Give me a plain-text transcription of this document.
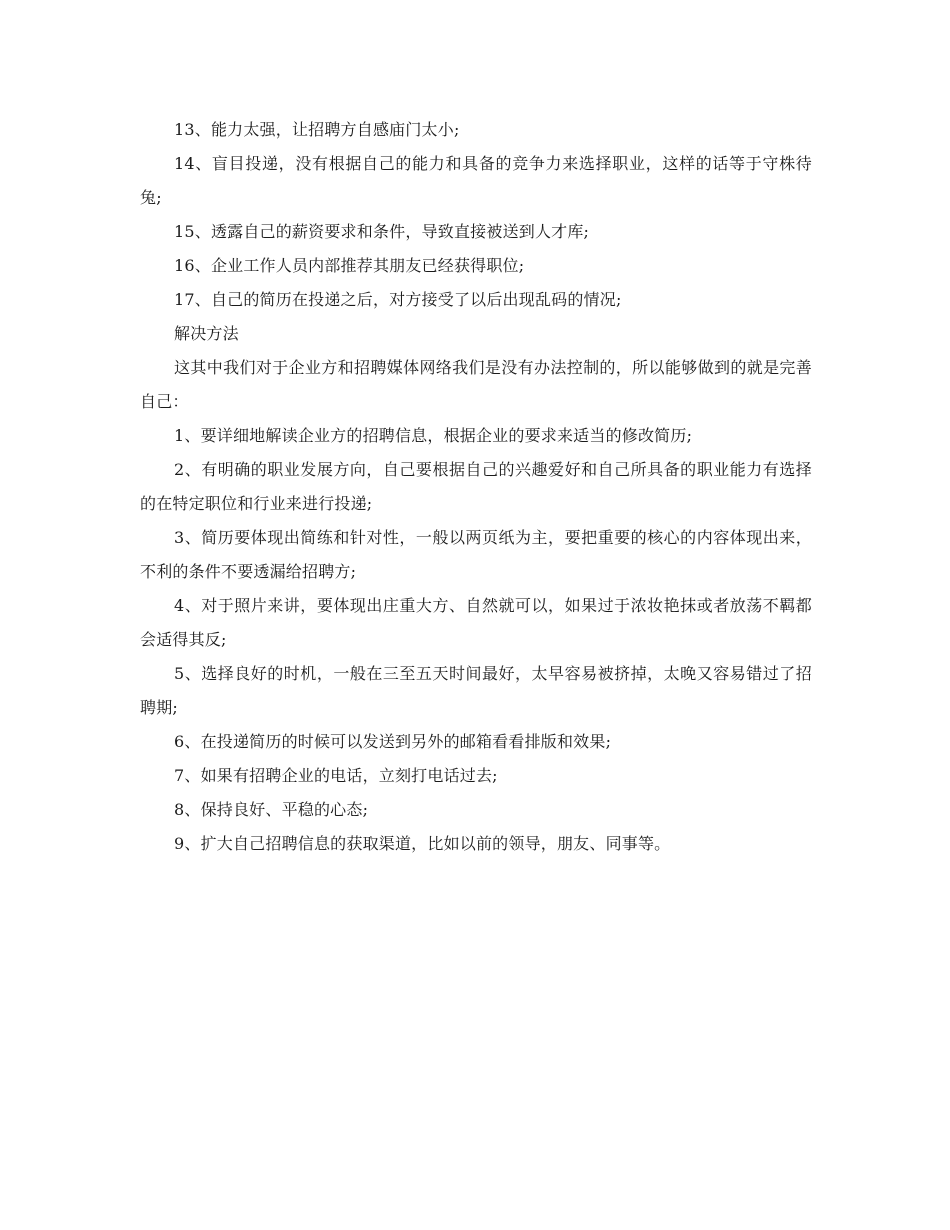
13、能力太强，让招聘方自感庙门太小;

14、盲目投递，没有根据自己的能力和具备的竞争力来选择职业，这样的话等于守株待兔;

15、透露自己的薪资要求和条件，导致直接被送到人才库;

16、企业工作人员内部推荐其朋友已经获得职位;

17、自己的简历在投递之后，对方接受了以后出现乱码的情况;

解决方法

这其中我们对于企业方和招聘媒体网络我们是没有办法控制的，所以能够做到的就是完善自己：

1、要详细地解读企业方的招聘信息，根据企业的要求来适当的修改简历;

2、有明确的职业发展方向，自己要根据自己的兴趣爱好和自己所具备的职业能力有选择的在特定职位和行业来进行投递;

3、简历要体现出简练和针对性，一般以两页纸为主，要把重要的核心的内容体现出来，不利的条件不要透漏给招聘方;

4、对于照片来讲，要体现出庄重大方、自然就可以，如果过于浓妆艳抹或者放荡不羁都会适得其反;

5、选择良好的时机，一般在三至五天时间最好，太早容易被挤掉，太晚又容易错过了招聘期;

6、在投递简历的时候可以发送到另外的邮箱看看排版和效果;

7、如果有招聘企业的电话，立刻打电话过去;

8、保持良好、平稳的心态;

9、扩大自己招聘信息的获取渠道，比如以前的领导，朋友、同事等。
